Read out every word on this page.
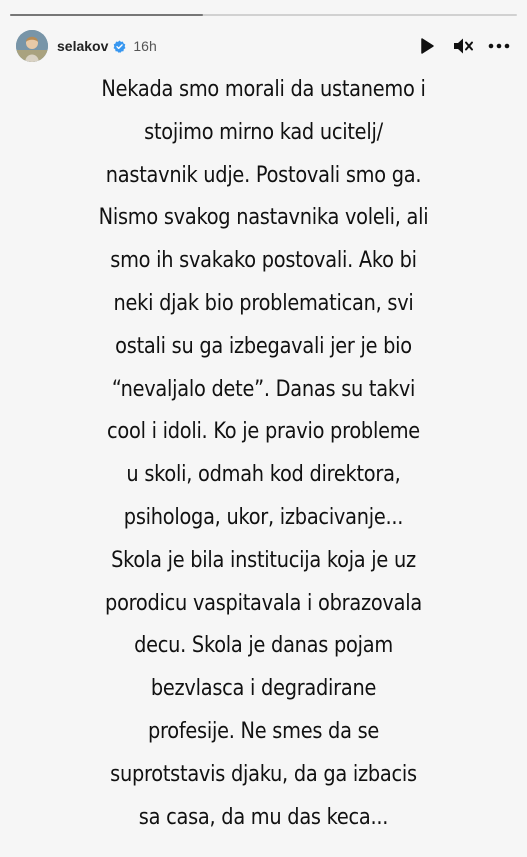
selakov 16h
Nekada smo morali da ustanemo i
stojimo mirno kad ucitelj/
nastavnik udje. Postovali smo ga.
Nismo svakog nastavnika voleli, ali
smo ih svakako postovali. Ako bi
neki djak bio problematican, svi
ostali su ga izbegavali jer je bio
“nevaljalo dete”. Danas su takvi
cool i idoli. Ko je pravio probleme
u skoli, odmah kod direktora,
psihologa, ukor, izbacivanje...
Skola je bila institucija koja je uz
porodicu vaspitavala i obrazovala
decu. Skola je danas pojam
bezvlasca i degradirane
profesije. Ne smes da se
suprotstavis djaku, da ga izbacis
sa casa, da mu das keca...
